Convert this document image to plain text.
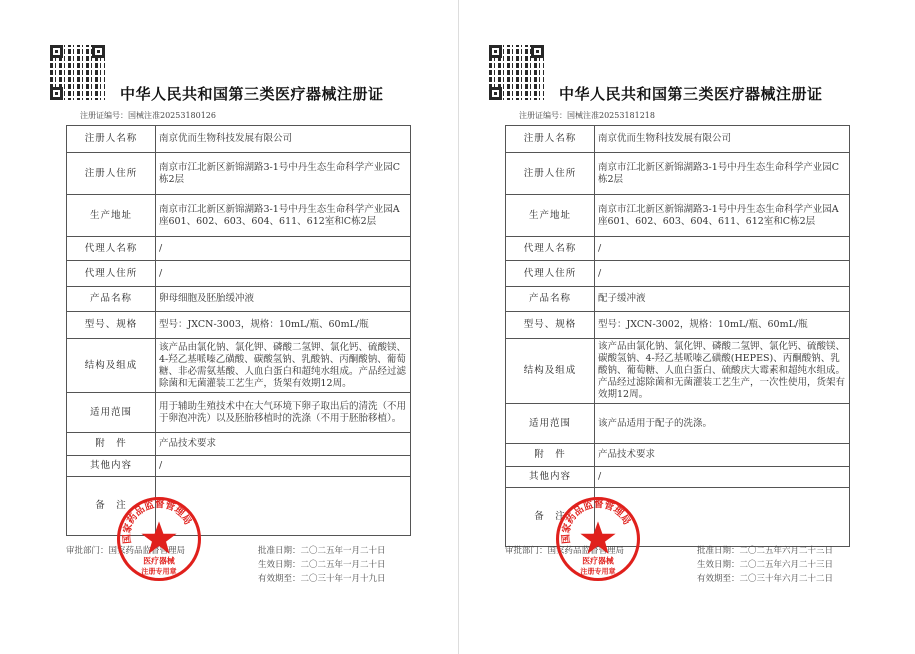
中华人民共和国第三类医疗器械注册证
注册证编号：国械注准20253180126
注册人名称	南京优而生物科技发展有限公司
注册人住所	南京市江北新区新锦湖路3-1号中丹生态生命科学产业园C栋2层
生产地址	南京市江北新区新锦湖路3-1号中丹生态生命科学产业园A座601、602、603、604、611、612室和C栋2层
代理人名称	/
代理人住所	/
产品名称	卵母细胞及胚胎缓冲液
型号、规格	型号：JXCN-3003，规格：10mL/瓶、60mL/瓶
结构及组成	该产品由氯化钠、氯化钾、磷酸二氢钾、氯化钙、硫酸镁、4-羟乙基哌嗪乙磺酸、碳酸氢钠、乳酸钠、丙酮酸钠、葡萄糖、非必需氨基酸、人血白蛋白和超纯水组成。产品经过滤除菌和无菌灌装工艺生产，货架有效期12周。
适用范围	用于辅助生殖技术中在大气环境下卵子取出后的清洗（不用于卵泡冲洗）以及胚胎移植时的洗涤（不用于胚胎移植）。
附　件	产品技术要求
其他内容	/
备　注	
审批部门：国家药品监督管理局	批准日期：二〇二五年一月二十日
生效日期：二〇二五年一月二十日
有效期至：二〇三十年一月十九日
国家药品监督管理局
医疗器械
注册专用章
中华人民共和国第三类医疗器械注册证
注册证编号：国械注准20253181218
注册人名称	南京优而生物科技发展有限公司
注册人住所	南京市江北新区新锦湖路3-1号中丹生态生命科学产业园C栋2层
生产地址	南京市江北新区新锦湖路3-1号中丹生态生命科学产业园A座601、602、603、604、611、612室和C栋2层
代理人名称	/
代理人住所	/
产品名称	配子缓冲液
型号、规格	型号：JXCN-3002，规格：10mL/瓶、60mL/瓶
结构及组成	该产品由氯化钠、氯化钾、磷酸二氢钾、氯化钙、硫酸镁、碳酸氢钠、4-羟乙基哌嗪乙磺酸(HEPES)、丙酮酸钠、乳酸钠、葡萄糖、人血白蛋白、硫酸庆大霉素和超纯水组成。产品经过滤除菌和无菌灌装工艺生产，一次性使用，货架有效期12周。
适用范围	该产品适用于配子的洗涤。
附　件	产品技术要求
其他内容	/
备　注	
审批部门：国家药品监督管理局	批准日期：二〇二五年六月二十三日
生效日期：二〇二五年六月二十三日
有效期至：二〇三十年六月二十二日
国家药品监督管理局
医疗器械
注册专用章
